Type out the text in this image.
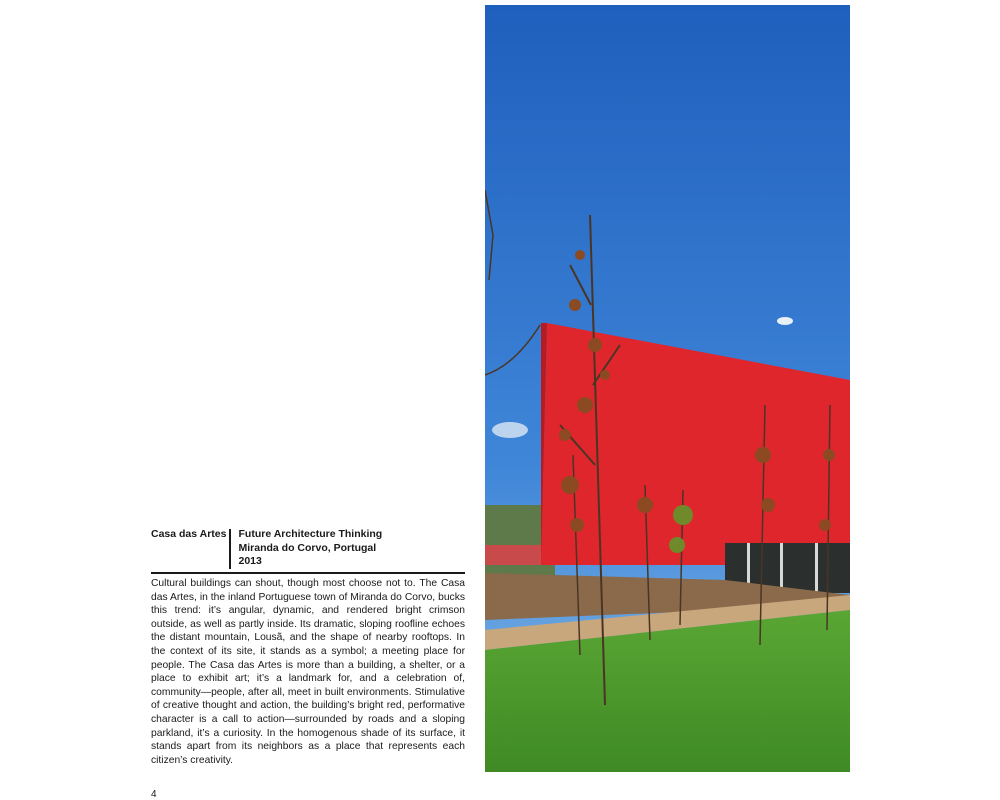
Casa das Artes Future Architecture Thinking
Miranda do Corvo, Portugal
2013

Cultural buildings can shout, though most choose not to. The Casa das Artes, in the inland Portuguese town of Miranda do Corvo, bucks this trend: it’s angular, dynamic, and rendered bright crimson outside, as well as partly inside. Its dramatic, sloping roofline echoes the distant mountain, Lousã, and the shape of nearby rooftops. In the context of its site, it stands as a symbol; a meeting place for people. The Casa das Artes is more than a building, a shelter, or a place to exhibit art; it’s a landmark for, and a celebration of, community—people, after all, meet in built environments. Stimulative of creative thought and action, the building’s bright red, performative character is a call to action—surrounded by roads and a sloping parkland, it’s a curiosity. In the homogenous shade of its surface, it stands apart from its neighbors as a place that represents each citizen’s creativity.

4
